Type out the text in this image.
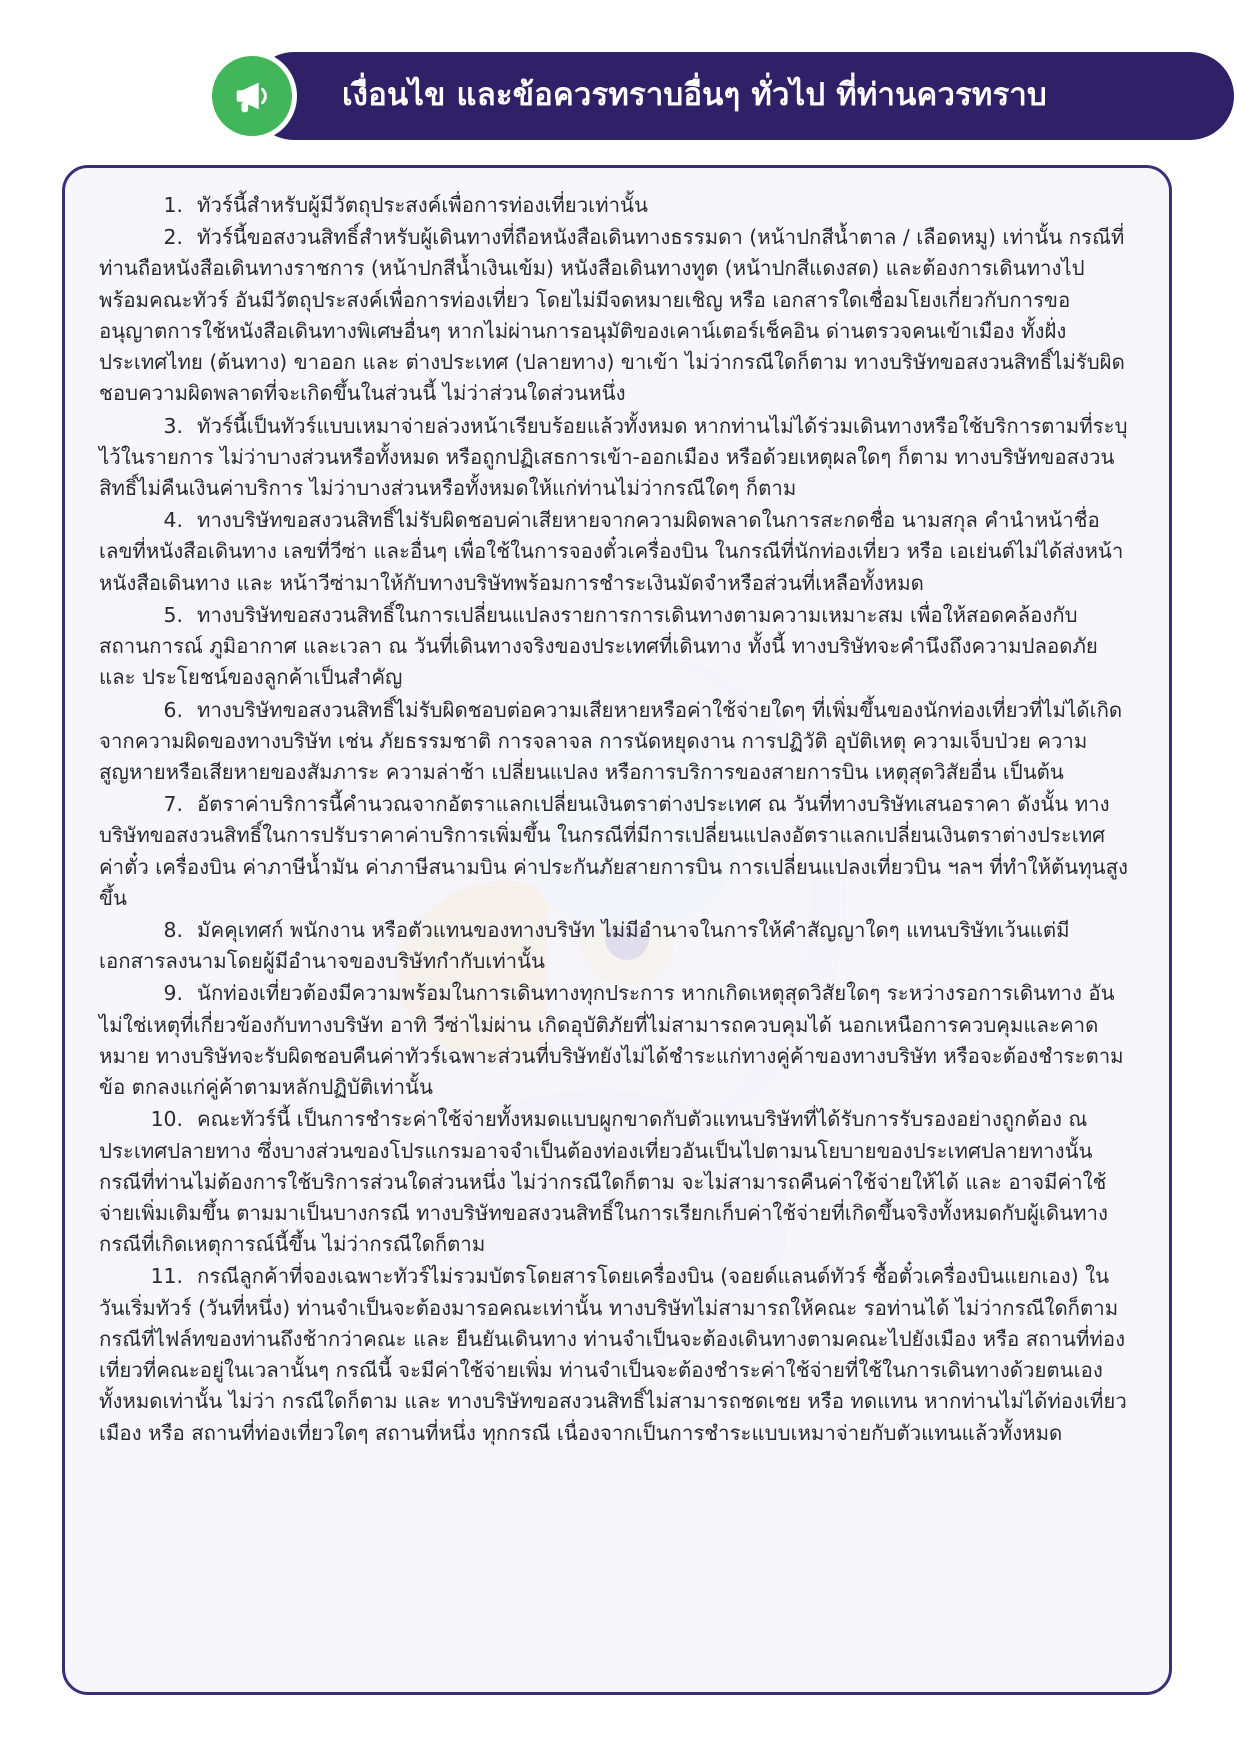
เงื่อนไข และข้อควรทราบอื่นๆ ทั่วไป ที่ท่านควรทราบ
ทัวร์นี้สำหรับผู้มีวัตถุประสงค์เพื่อการท่องเที่ยวเท่านั้น
ทัวร์นี้ขอสงวนสิทธิ์สำหรับผู้เดินทางที่ถือหนังสือเดินทางธรรมดา (หน้าปกสีน้ำตาล / เลือดหมู) เท่านั้น กรณีที่ท่านถือหนังสือเดินทางราชการ (หน้าปกสีน้ำเงินเข้ม) หนังสือเดินทางทูต (หน้าปกสีแดงสด) และต้องการเดินทางไปพร้อมคณะทัวร์ อันมีวัตถุประสงค์เพื่อการท่องเที่ยว โดยไม่มีจดหมายเชิญ หรือ เอกสารใดเชื่อมโยงเกี่ยวกับการขออนุญาตการใช้หนังสือเดินทางพิเศษอื่นๆ หากไม่ผ่านการอนุมัติของเคาน์เตอร์เช็คอิน ด่านตรวจคนเข้าเมือง ทั้งฝั่งประเทศไทย (ต้นทาง) ขาออก และ ต่างประเทศ (ปลายทาง) ขาเข้า ไม่ว่ากรณีใดก็ตาม ทางบริษัทขอสงวนสิทธิ์ไม่รับผิดชอบความผิดพลาดที่จะเกิดขึ้นในส่วนนี้ ไม่ว่าส่วนใดส่วนหนึ่ง
ทัวร์นี้เป็นทัวร์แบบเหมาจ่ายล่วงหน้าเรียบร้อยแล้วทั้งหมด หากท่านไม่ได้ร่วมเดินทางหรือใช้บริการตามที่ระบุไว้ในรายการ ไม่ว่าบางส่วนหรือทั้งหมด หรือถูกปฏิเสธการเข้า-ออกเมือง หรือด้วยเหตุผลใดๆ ก็ตาม ทางบริษัทขอสงวนสิทธิ์ไม่คืนเงินค่าบริการ ไม่ว่าบางส่วนหรือทั้งหมดให้แก่ท่านไม่ว่ากรณีใดๆ ก็ตาม
ทางบริษัทขอสงวนสิทธิ์ไม่รับผิดชอบค่าเสียหายจากความผิดพลาดในการสะกดชื่อ นามสกุล คำนำหน้าชื่อ เลขที่หนังสือเดินทาง เลขที่วีซ่า และอื่นๆ เพื่อใช้ในการจองตั๋วเครื่องบิน ในกรณีที่นักท่องเที่ยว หรือ เอเย่นต์ไม่ได้ส่งหน้าหนังสือเดินทาง และ หน้าวีซ่ามาให้กับทางบริษัทพร้อมการชำระเงินมัดจำหรือส่วนที่เหลือทั้งหมด
ทางบริษัทขอสงวนสิทธิ์ในการเปลี่ยนแปลงรายการการเดินทางตามความเหมาะสม เพื่อให้สอดคล้องกับ สถานการณ์ ภูมิอากาศ และเวลา ณ วันที่เดินทางจริงของประเทศที่เดินทาง ทั้งนี้ ทางบริษัทจะคำนึงถึงความปลอดภัย และ ประโยชน์ของลูกค้าเป็นสำคัญ
ทางบริษัทขอสงวนสิทธิ์ไม่รับผิดชอบต่อความเสียหายหรือค่าใช้จ่ายใดๆ ที่เพิ่มขึ้นของนักท่องเที่ยวที่ไม่ได้เกิดจากความผิดของทางบริษัท เช่น ภัยธรรมชาติ การจลาจล การนัดหยุดงาน การปฏิวัติ อุบัติเหตุ ความเจ็บป่วย ความสูญหายหรือเสียหายของสัมภาระ ความล่าช้า เปลี่ยนแปลง หรือการบริการของสายการบิน เหตุสุดวิสัยอื่น เป็นต้น
อัตราค่าบริการนี้คำนวณจากอัตราแลกเปลี่ยนเงินตราต่างประเทศ ณ วันที่ทางบริษัทเสนอราคา ดังนั้น ทางบริษัทขอสงวนสิทธิ์ในการปรับราคาค่าบริการเพิ่มขึ้น ในกรณีที่มีการเปลี่ยนแปลงอัตราแลกเปลี่ยนเงินตราต่างประเทศ ค่าตั๋ว เครื่องบิน ค่าภาษีน้ำมัน ค่าภาษีสนามบิน ค่าประกันภัยสายการบิน การเปลี่ยนแปลงเที่ยวบิน ฯลฯ ที่ทำให้ต้นทุนสูงขึ้น
มัคคุเทศก์ พนักงาน หรือตัวแทนของทางบริษัท ไม่มีอำนาจในการให้คำสัญญาใดๆ แทนบริษัทเว้นแต่มีเอกสารลงนามโดยผู้มีอำนาจของบริษัทกำกับเท่านั้น
นักท่องเที่ยวต้องมีความพร้อมในการเดินทางทุกประการ หากเกิดเหตุสุดวิสัยใดๆ ระหว่างรอการเดินทาง อันไม่ใช่เหตุที่เกี่ยวข้องกับทางบริษัท อาทิ วีซ่าไม่ผ่าน เกิดอุบัติภัยที่ไม่สามารถควบคุมได้ นอกเหนือการควบคุมและคาดหมาย ทางบริษัทจะรับผิดชอบคืนค่าทัวร์เฉพาะส่วนที่บริษัทยังไม่ได้ชำระแก่ทางคู่ค้าของทางบริษัท หรือจะต้องชำระตามข้อ ตกลงแก่คู่ค้าตามหลักปฏิบัติเท่านั้น
คณะทัวร์นี้ เป็นการชำระค่าใช้จ่ายทั้งหมดแบบผูกขาดกับตัวแทนบริษัทที่ได้รับการรับรองอย่างถูกต้อง ณ ประเทศปลายทาง ซึ่งบางส่วนของโปรแกรมอาจจำเป็นต้องท่องเที่ยวอันเป็นไปตามนโยบายของประเทศปลายทางนั้น กรณีที่ท่านไม่ต้องการใช้บริการส่วนใดส่วนหนึ่ง ไม่ว่ากรณีใดก็ตาม จะไม่สามารถคืนค่าใช้จ่ายให้ได้ และ อาจมีค่าใช้จ่ายเพิ่มเติมขึ้น ตามมาเป็นบางกรณี ทางบริษัทขอสงวนสิทธิ์ในการเรียกเก็บค่าใช้จ่ายที่เกิดขึ้นจริงทั้งหมดกับผู้เดินทาง กรณีที่เกิดเหตุการณ์นี้ขึ้น ไม่ว่ากรณีใดก็ตาม
กรณีลูกค้าที่จองเฉพาะทัวร์ไม่รวมบัตรโดยสารโดยเครื่องบิน (จอยด์แลนด์ทัวร์ ซื้อตั๋วเครื่องบินแยกเอง) ในวันเริ่มทัวร์ (วันที่หนึ่ง) ท่านจำเป็นจะต้องมารอคณะเท่านั้น ทางบริษัทไม่สามารถให้คณะ รอท่านได้ ไม่ว่ากรณีใดก็ตาม กรณีที่ไฟล์ทของท่านถึงช้ากว่าคณะ และ ยืนยันเดินทาง ท่านจำเป็นจะต้องเดินทางตามคณะไปยังเมือง หรือ สถานที่ท่องเที่ยวที่คณะอยู่ในเวลานั้นๆ กรณีนี้ จะมีค่าใช้จ่ายเพิ่ม ท่านจำเป็นจะต้องชำระค่าใช้จ่ายที่ใช้ในการเดินทางด้วยตนเองทั้งหมดเท่านั้น ไม่ว่า กรณีใดก็ตาม และ ทางบริษัทขอสงวนสิทธิ์ไม่สามารถชดเชย หรือ ทดแทน หากท่านไม่ได้ท่องเที่ยวเมือง หรือ สถานที่ท่องเที่ยวใดๆ สถานที่หนึ่ง ทุกกรณี เนื่องจากเป็นการชำระแบบเหมาจ่ายกับตัวแทนแล้วทั้งหมด
